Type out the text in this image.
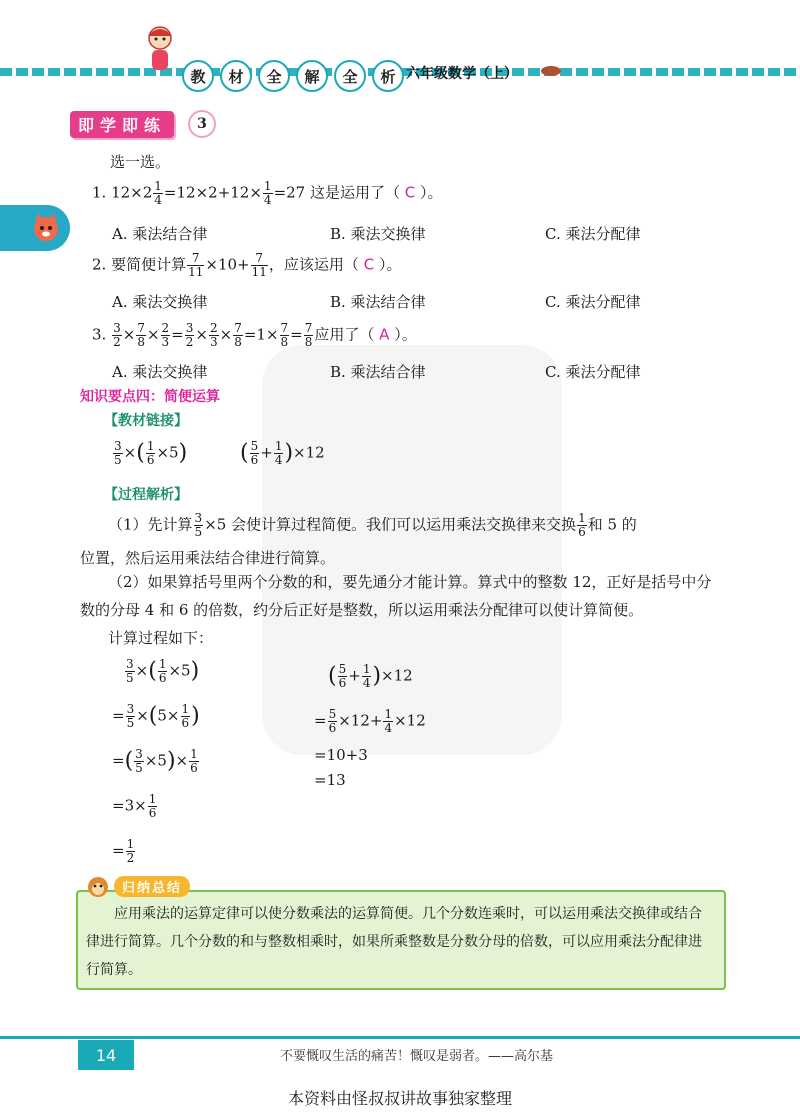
教	材	全	解	全	析 六年级数学（上）
即学即练	3
选一选。
1. $12\times 2 \frac{1}{4} =12\times 2+12\times \frac{1}{4} =27$ 这是运用了（ C ）。
A. 乘法结合律	B. 乘法交换律	C. 乘法分配律
2. 要简便计算 $\frac{7}{11} \times 10+ \frac{7}{11}$ ，应该运用（ C ）。
A. 乘法交换律	B. 乘法结合律	C. 乘法分配律
3. $\frac{3}{2} \times \frac{7}{8} \times \frac{2}{3} = \frac{3}{2} \times \frac{2}{3} \times \frac{7}{8} =1\times \frac{7}{8} = \frac{7}{8}$ 应用了（ A ）。
A. 乘法交换律	B. 乘法结合律	C. 乘法分配律
知识要点四：简便运算
【教材链接】
$\frac{3}{5}$ ×( $\frac{1}{6} \times 5$) ( $\frac{5}{6} + \frac{1}{4} )\times 12$
【过程解析】
（1）先计算 $\frac{3}{5} \times 5$ 会使计算过程简便。我们可以运用乘法交换律来交换 $\frac{1}{6}$ 和 5 的
位置，然后运用乘法结合律进行简算。
（2）如果算括号里两个分数的和，要先通分才能计算。算式中的整数 12，正好是括号中分数的分母 4 和 6 的倍数，约分后正好是整数，所以运用乘法分配律可以使计算简便。
计算过程如下：
$\frac{3}{5}$ ×( $\frac{1}{6} \times 5$)
= $\frac{3}{5} \times(5\times \frac{1}{6}$ )
=( $\frac{3}{5} \times 5)\times \frac{1}{6}$
$=3\times \frac{1}{6}$
= $\frac{1}{2}$
( $\frac{5}{6} + \frac{1}{4} )\times 12$
= $\frac{5}{6} \times 12+ \frac{1}{4} \times 12$
=10+3
=13
归纳总结
应用乘法的运算定律可以使分数乘法的运算简便。几个分数连乘时，可以运用乘法交换律或结合律进行简算。几个分数的和与整数相乘时，如果所乘整数是分数分母的倍数，可以应用乘法分配律进行简算。
14	不要慨叹生活的痛苦！慨叹是弱者。——高尔基
本资料由怪叔叔讲故事独家整理
